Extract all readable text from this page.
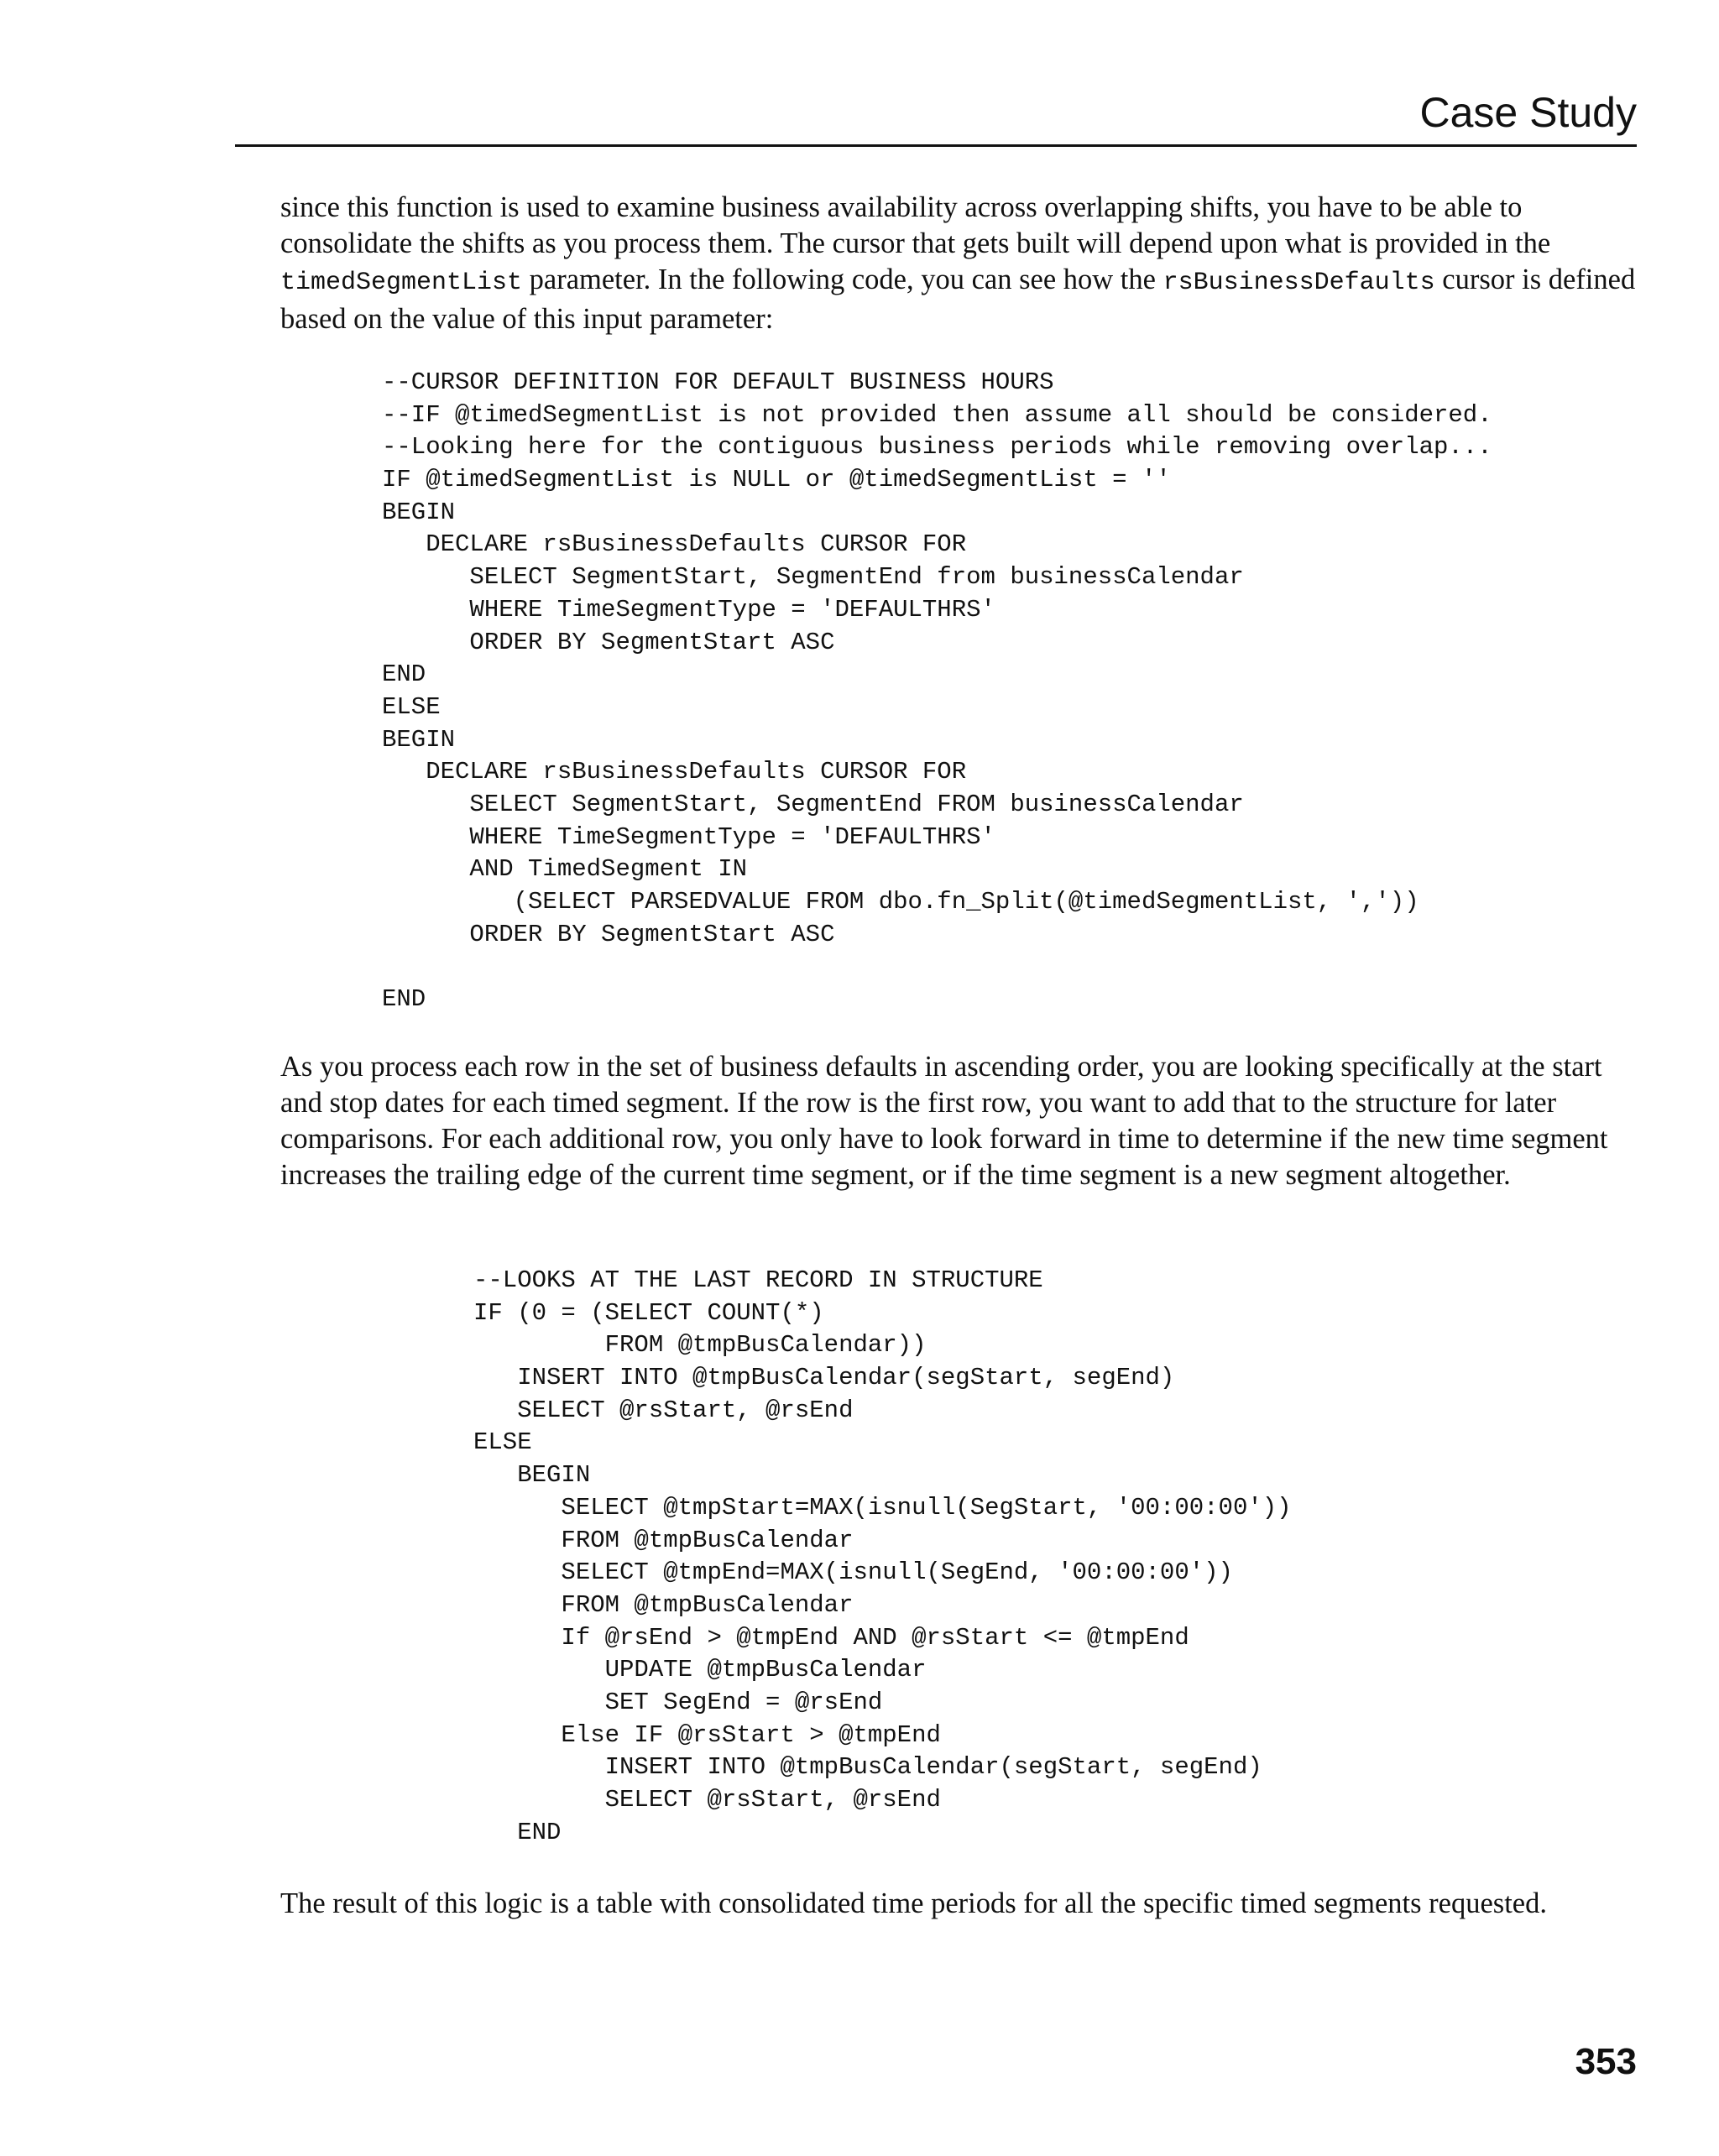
Case Study

since this function is used to examine business availability across overlapping shifts, you have to be able to consolidate the shifts as you process them. The cursor that gets built will depend upon what is provided in the timedSegmentList parameter. In the following code, you can see how the rsBusinessDefaults cursor is defined based on the value of this input parameter:

--CURSOR DEFINITION FOR DEFAULT BUSINESS HOURS
--IF @timedSegmentList is not provided then assume all should be considered.
--Looking here for the contiguous business periods while removing overlap...
IF @timedSegmentList is NULL or @timedSegmentList = ''
BEGIN
DECLARE rsBusinessDefaults CURSOR FOR
SELECT SegmentStart, SegmentEnd from businessCalendar
WHERE TimeSegmentType = 'DEFAULTHRS'
ORDER BY SegmentStart ASC
END
ELSE
BEGIN
DECLARE rsBusinessDefaults CURSOR FOR
SELECT SegmentStart, SegmentEnd FROM businessCalendar
WHERE TimeSegmentType = 'DEFAULTHRS'
AND TimedSegment IN
(SELECT PARSEDVALUE FROM dbo.fn_Split(@timedSegmentList, ','))
ORDER BY SegmentStart ASC
END

As you process each row in the set of business defaults in ascending order, you are looking specifically at the start and stop dates for each timed segment. If the row is the first row, you want to add that to the structure for later comparisons. For each additional row, you only have to look forward in time to determine if the new time segment increases the trailing edge of the current time segment, or if the time segment is a new segment altogether.

--LOOKS AT THE LAST RECORD IN STRUCTURE
IF (0 = (SELECT COUNT(*)
FROM @tmpBusCalendar))
INSERT INTO @tmpBusCalendar(segStart, segEnd)
SELECT @rsStart, @rsEnd
ELSE
BEGIN
SELECT @tmpStart=MAX(isnull(SegStart, '00:00:00'))
FROM @tmpBusCalendar
SELECT @tmpEnd=MAX(isnull(SegEnd, '00:00:00'))
FROM @tmpBusCalendar
If @rsEnd > @tmpEnd AND @rsStart <= @tmpEnd
UPDATE @tmpBusCalendar
SET SegEnd = @rsEnd
Else IF @rsStart > @tmpEnd
INSERT INTO @tmpBusCalendar(segStart, segEnd)
SELECT @rsStart, @rsEnd
END

The result of this logic is a table with consolidated time periods for all the specific timed segments requested.

353
